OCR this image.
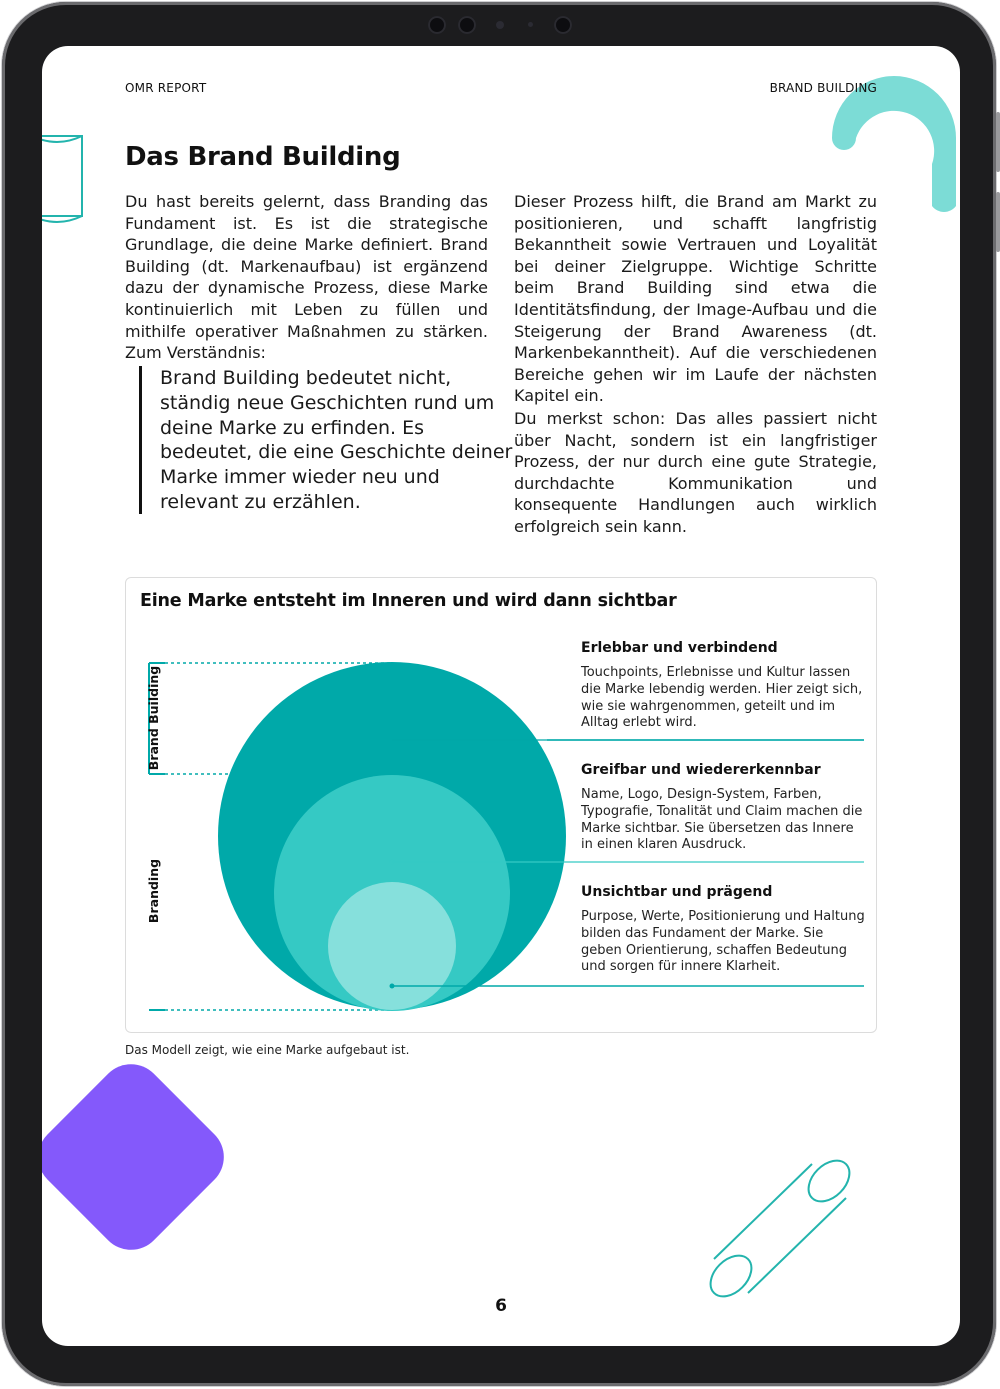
OMR REPORT	BRAND BUILDING
Das Brand Building

Du hast bereits gelernt, dass Branding das Fundament ist. Es ist die strategische Grundlage, die deine Marke definiert. Brand Building (dt. Markenaufbau) ist ergänzend dazu der dynamische Prozess, diese Marke kontinuierlich mit Leben zu füllen und mithilfe operativer Maßnahmen zu stärken. Zum Verständnis:

Brand Building bedeutet nicht, ständig neue Geschichten rund um deine Marke zu erfinden. Es bedeutet, die eine Geschichte deiner Marke immer wieder neu und relevant zu erzählen.

Dieser Prozess hilft, die Brand am Markt zu positionieren, und schafft langfristig Bekanntheit sowie Vertrauen und Loyalität bei deiner Zielgruppe. Wichtige Schritte beim Brand Building sind etwa die Identitätsfindung, der Image-Aufbau und die Steigerung der Brand Awareness (dt. Markenbekanntheit). Auf die verschiedenen Bereiche gehen wir im Laufe der nächsten Kapitel ein.

Du merkst schon: Das alles passiert nicht über Nacht, sondern ist ein langfristiger Prozess, der nur durch eine gute Strategie, durchdachte Kommunikation und konsequente Handlungen auch wirklich erfolgreich sein kann.

Eine Marke entsteht im Inneren und wird dann sichtbar
Brand Building
Branding
Erlebbar und verbindend

Touchpoints, Erlebnisse und Kultur lassen die Marke lebendig werden. Hier zeigt sich, wie sie wahrgenommen, geteilt und im Alltag erlebt wird.

Greifbar und wiedererkennbar

Name, Logo, Design-System, Farben, Typografie, Tonalität und Claim machen die Marke sichtbar. Sie übersetzen das Innere in einen klaren Ausdruck.

Unsichtbar und prägend

Purpose, Werte, Positionierung und Haltung bilden das Fundament der Marke. Sie geben Orientierung, schaffen Bedeutung und sorgen für innere Klarheit.

Das Modell zeigt, wie eine Marke aufgebaut ist.
6
